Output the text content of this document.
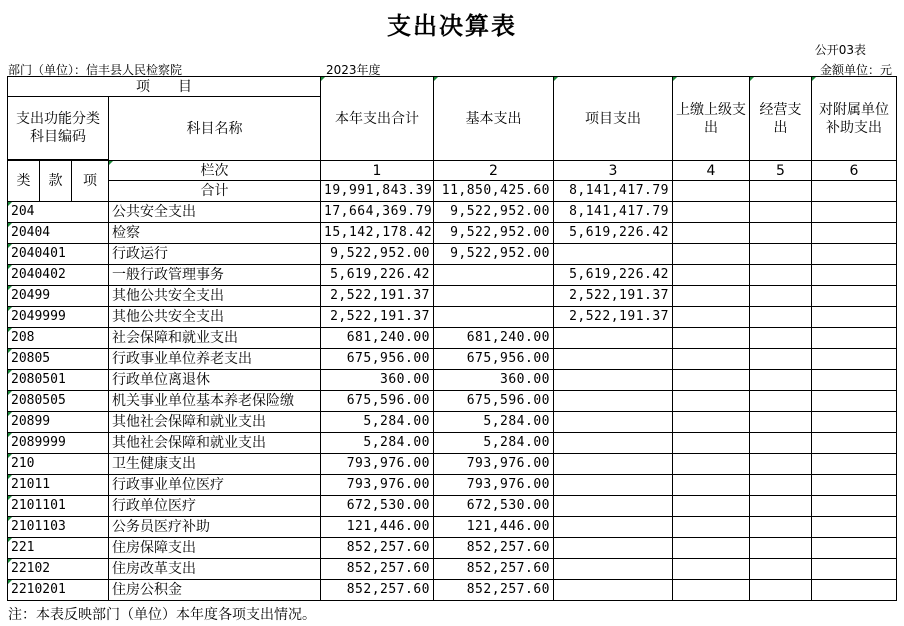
支出决算表
公开03表
部门（单位）：信丰县人民检察院	2023年度	金额单位：元
项　　目				本年支出合计	基本支出	项目支出	上缴上级支出	经营支出	对附属单位补助支出
支出功能分类科目编码			科目名称						

类	款	项	栏次	1	2	3	4	5	6
			合计	19,991,843.39	11,850,425.60	8,141,417.79			
204			公共安全支出	17,664,369.79	9,522,952.00	8,141,417.79			
20404			检察	15,142,178.42	9,522,952.00	5,619,226.42			
2040401			行政运行	9,522,952.00	9,522,952.00				
2040402			一般行政管理事务	5,619,226.42		5,619,226.42			
20499			其他公共安全支出	2,522,191.37		2,522,191.37			
2049999			其他公共安全支出	2,522,191.37		2,522,191.37			
208			社会保障和就业支出	681,240.00	681,240.00				
20805			行政事业单位养老支出	675,956.00	675,956.00				
2080501			行政单位离退休	360.00	360.00				
2080505			机关事业单位基本养老保险缴	675,596.00	675,596.00				
20899			其他社会保障和就业支出	5,284.00	5,284.00				
2089999			其他社会保障和就业支出	5,284.00	5,284.00				
210			卫生健康支出	793,976.00	793,976.00				
21011			行政事业单位医疗	793,976.00	793,976.00				
2101101			行政单位医疗	672,530.00	672,530.00				
2101103			公务员医疗补助	121,446.00	121,446.00				
221			住房保障支出	852,257.60	852,257.60				
22102			住房改革支出	852,257.60	852,257.60				
2210201			住房公积金	852,257.60	852,257.60				
注：本表反映部门（单位）本年度各项支出情况。
